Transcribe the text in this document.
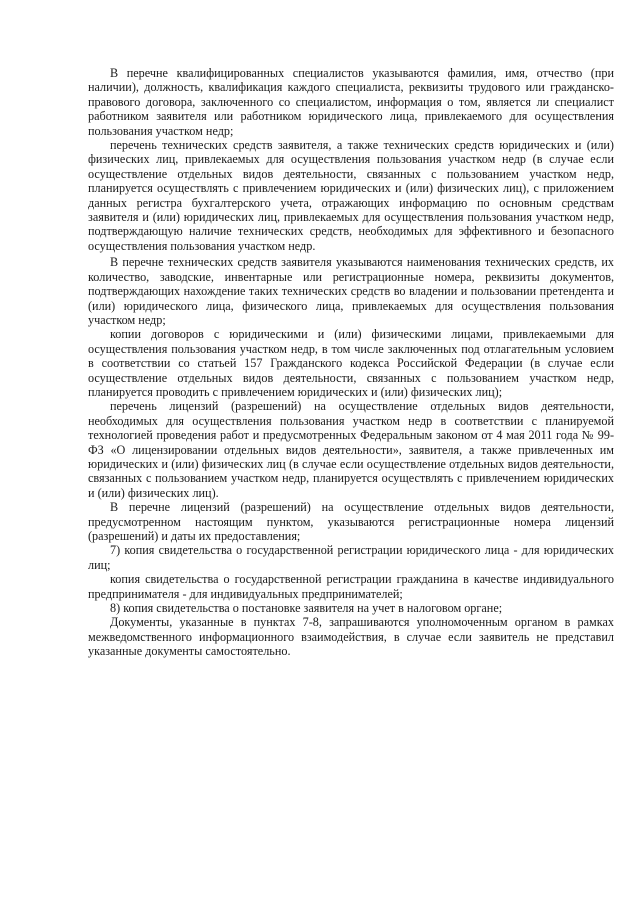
В перечне квалифицированных специалистов указываются фамилия, имя, отчество (при наличии), должность, квалификация каждого специалиста, реквизиты трудового или гражданско-правового договора, заключенного со специалистом, информация о том, является ли специалист работником заявителя или работником юридического лица, привлекаемого для осуществления пользования участком недр;

перечень технических средств заявителя, а также технических средств юридических и (или) физических лиц, привлекаемых для осуществления пользования участком недр (в случае если осуществление отдельных видов деятельности, связанных с пользованием участком недр, планируется осуществлять с привлечением юридических и (или) физических лиц), с приложением данных регистра бухгалтерского учета, отражающих информацию по основным средствам заявителя и (или) юридических лиц, привлекаемых для осуществления пользования участком недр, подтверждающую наличие технических средств, необходимых для эффективного и безопасного осуществления пользования участком недр.

В перечне технических средств заявителя указываются наименования технических средств, их количество, заводские, инвентарные или регистрационные номера, реквизиты документов, подтверждающих нахождение таких технических средств во владении и пользовании претендента и (или) юридического лица, физического лица, привлекаемых для осуществления пользования участком недр;

копии договоров с юридическими и (или) физическими лицами, привлекаемыми для осуществления пользования участком недр, в том числе заключенных под отлагательным условием в соответствии со статьей 157 Гражданского кодекса Российской Федерации (в случае если осуществление отдельных видов деятельности, связанных с пользованием участком недр, планируется проводить с привлечением юридических и (или) физических лиц);

перечень лицензий (разрешений) на осуществление отдельных видов деятельности, необходимых для осуществления пользования участком недр в соответствии с планируемой технологией проведения работ и предусмотренных Федеральным законом от 4 мая 2011 года № 99-ФЗ «О лицензировании отдельных видов деятельности», заявителя, а также привлеченных им юридических и (или) физических лиц (в случае если осуществление отдельных видов деятельности, связанных с пользованием участком недр, планируется осуществлять с привлечением юридических и (или) физических лиц).

В перечне лицензий (разрешений) на осуществление отдельных видов деятельности, предусмотренном настоящим пунктом, указываются регистрационные номера лицензий (разрешений) и даты их предоставления;

7) копия свидетельства о государственной регистрации юридического лица - для юридических лиц;

копия свидетельства о государственной регистрации гражданина в качестве индивидуального предпринимателя - для индивидуальных предпринимателей;

8) копия свидетельства о постановке заявителя на учет в налоговом органе;

Документы, указанные в пунктах 7-8, запрашиваются уполномоченным органом в рамках межведомственного информационного взаимодействия, в случае если заявитель не представил указанные документы самостоятельно.
